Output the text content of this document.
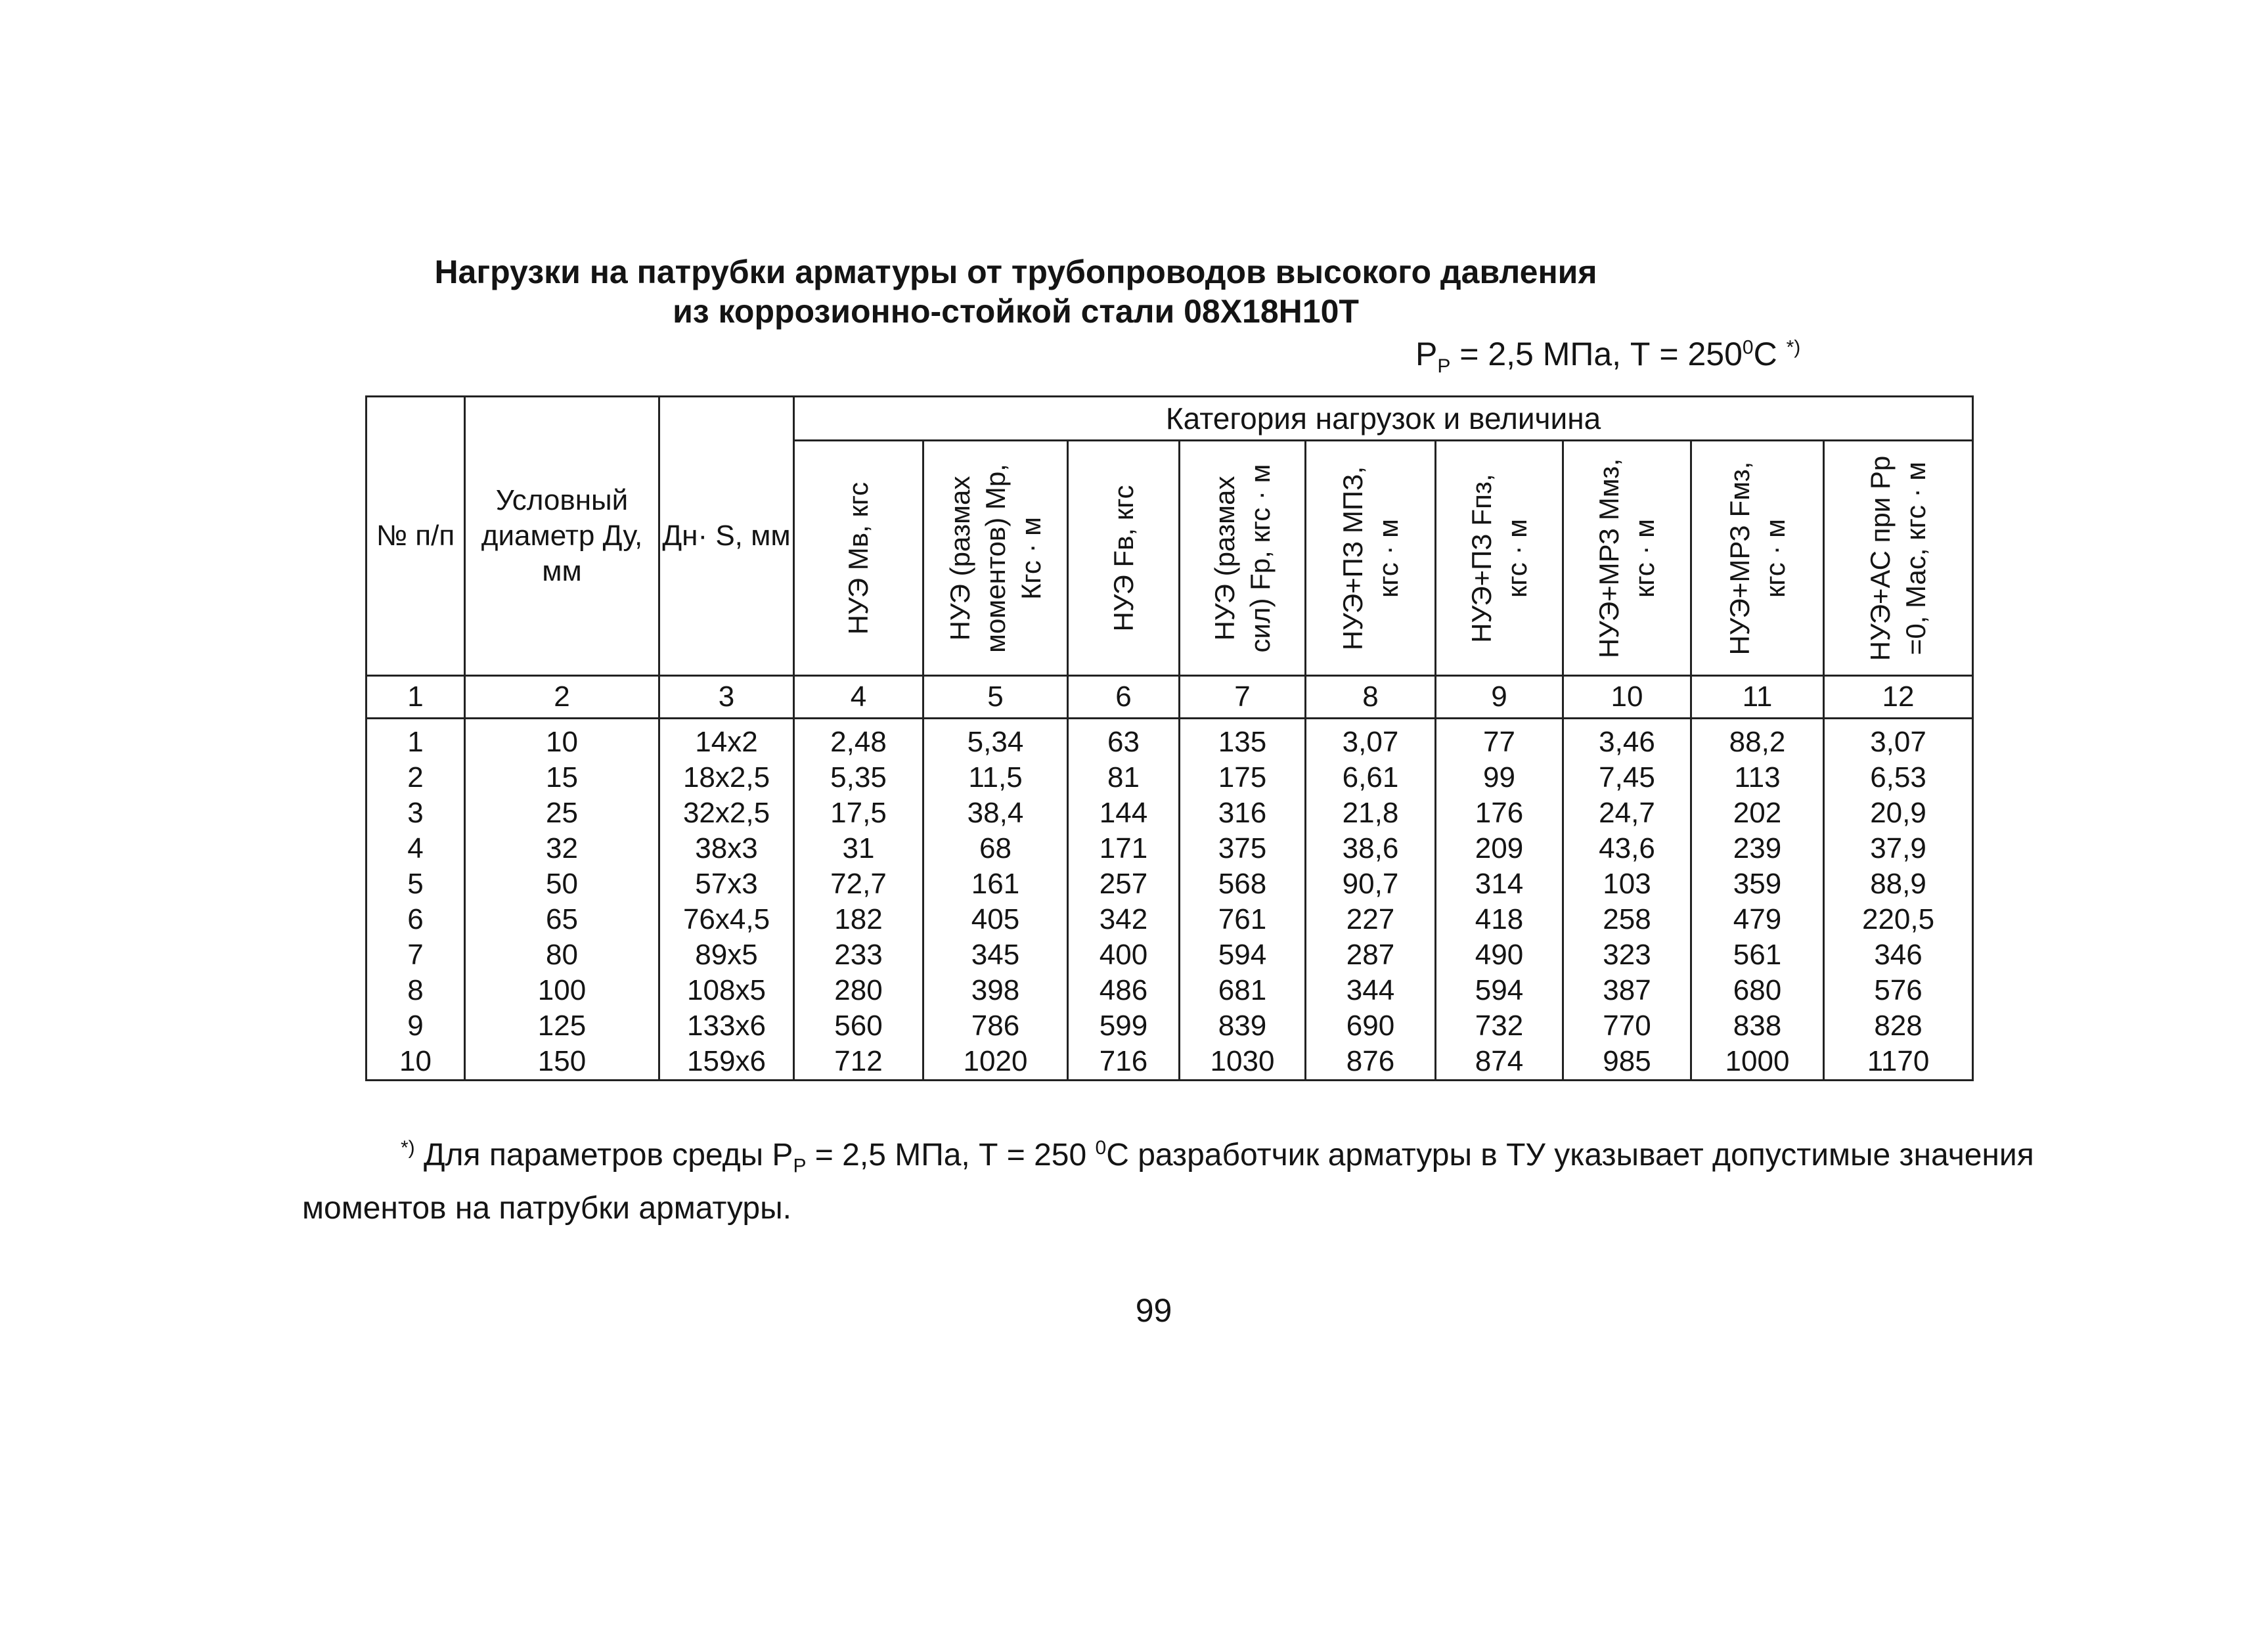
Нагрузки на патрубки арматуры от трубопроводов высокого давления
из коррозионно-стойкой стали 08Х18Н10Т
$P_P = 2,5$ МПа, $Т = 250^0С$ *)
№ п/п	Условный диаметр Ду, мм	Дн· S, мм	Категория нагрузок и величина								

			НУЭ Мв, кгс	НУЭ (размах моментов) Мр, Кгс · м	НУЭ Fв, кгс	НУЭ (размах сил) Fр, кгс · м	НУЭ+ПЗ МПЗ, кгс · м	НУЭ+ПЗ Fпз, кгс · м	НУЭ+МРЗ Ммз, кгс · м	НУЭ+МРЗ Fмз, кгс · м	НУЭ+АС при Рр =0, Мас, кгс · м

1	2	3	4	5	6	7	8	9	10	11	12
1	10	14x2	2,48	5,34	63	135	3,07	77	3,46	88,2	3,07
2	15	18x2,5	5,35	11,5	81	175	6,61	99	7,45	113	6,53
3	25	32x2,5	17,5	38,4	144	316	21,8	176	24,7	202	20,9
4	32	38x3	31	68	171	375	38,6	209	43,6	239	37,9
5	50	57x3	72,7	161	257	568	90,7	314	103	359	88,9
6	65	76x4,5	182	405	342	761	227	418	258	479	220,5
7	80	89x5	233	345	400	594	287	490	323	561	346
8	100	108x5	280	398	486	681	344	594	387	680	576
9	125	133x6	560	786	599	839	690	732	770	838	828
10	150	159x6	712	1020	716	1030	876	874	985	1000	1170
*) Для параметров среды $Р_Р = 2,5$ МПа, Т = 250 $^0$С разработчик арматуры в ТУ указывает допустимые значения моментов на патрубки арматуры.
99
